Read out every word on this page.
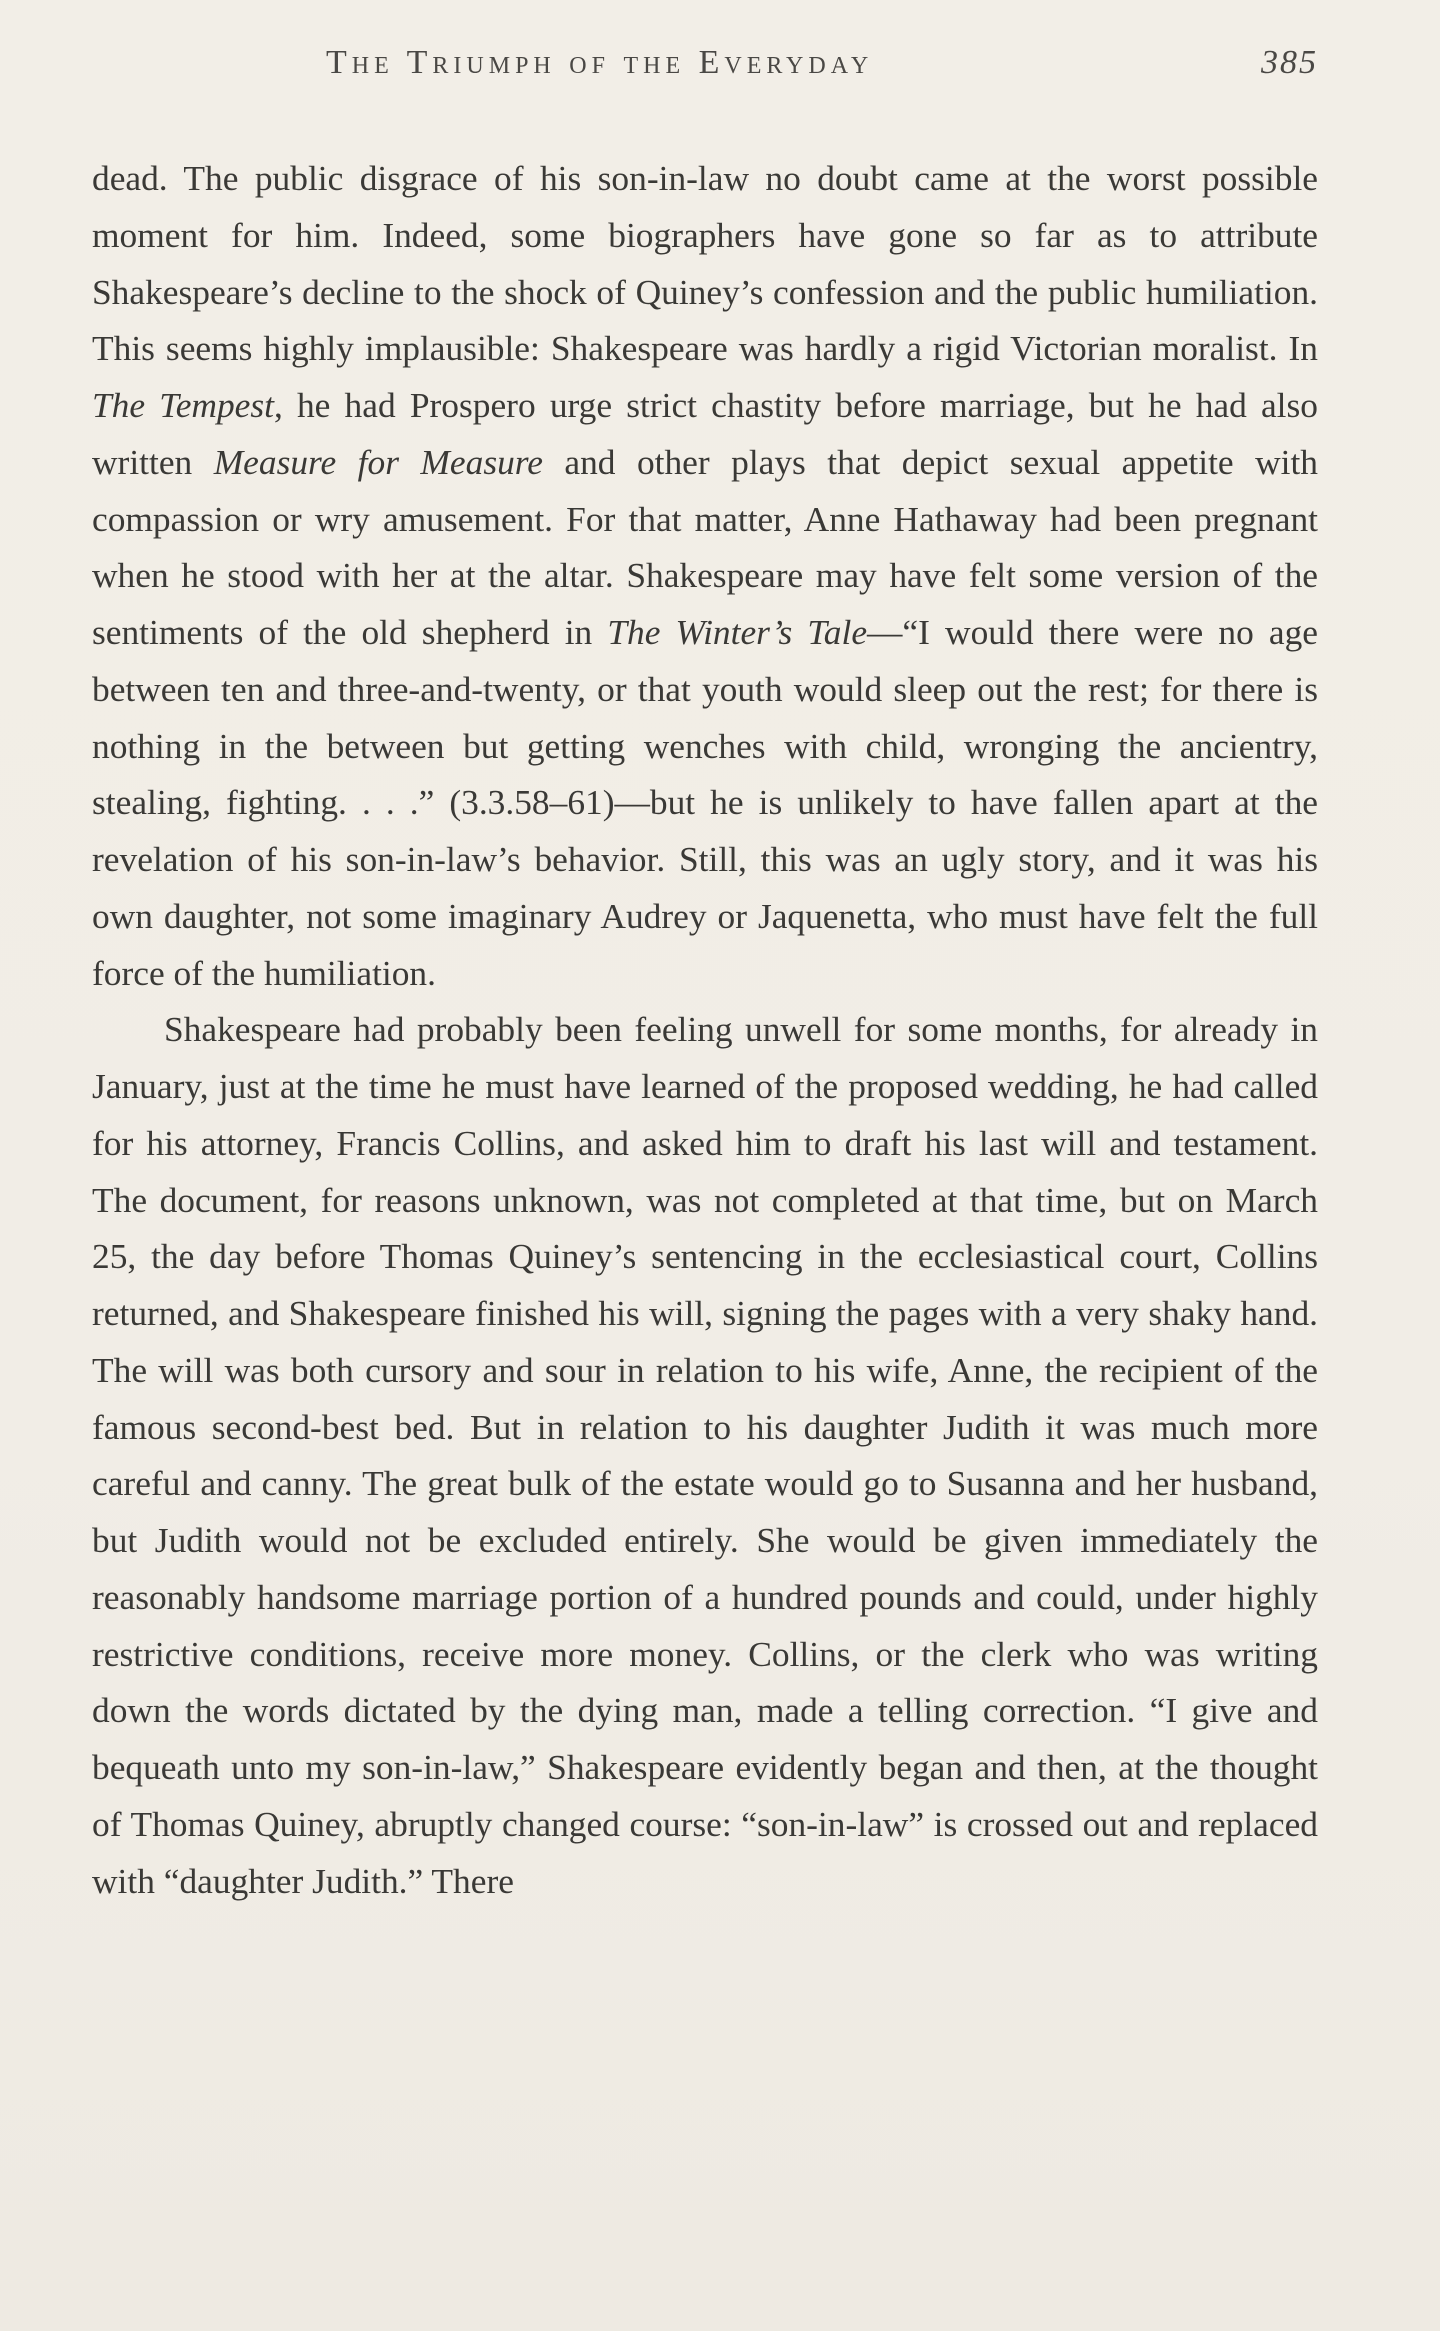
The Triumph of the Everyday	385

dead. The public disgrace of his son-in-law no doubt came at the worst possible moment for him. Indeed, some biographers have gone so far as to attribute Shakespeare’s decline to the shock of Quiney’s confession and the public humiliation. This seems highly implausible: Shakespeare was hardly a rigid Victorian moralist. In The Tempest, he had Prospero urge strict chastity before marriage, but he had also written Measure for Measure and other plays that depict sexual appetite with compassion or wry amusement. For that matter, Anne Hathaway had been pregnant when he stood with her at the altar. Shakespeare may have felt some version of the sentiments of the old shepherd in The Winter’s Tale—“I would there were no age between ten and three-and-twenty, or that youth would sleep out the rest; for there is nothing in the between but getting wenches with child, wronging the ancientry, stealing, fighting. . . .” (3.3.58–61)—but he is unlikely to have fallen apart at the revelation of his son-in-law’s behavior. Still, this was an ugly story, and it was his own daughter, not some imaginary Audrey or Jaquenetta, who must have felt the full force of the humiliation.

Shakespeare had probably been feeling unwell for some months, for already in January, just at the time he must have learned of the proposed wedding, he had called for his attorney, Francis Collins, and asked him to draft his last will and testament. The document, for reasons unknown, was not completed at that time, but on March 25, the day before Thomas Quiney’s sentencing in the ecclesiastical court, Collins returned, and Shakespeare finished his will, signing the pages with a very shaky hand. The will was both cursory and sour in relation to his wife, Anne, the recipient of the famous second-best bed. But in relation to his daughter Judith it was much more careful and canny. The great bulk of the estate would go to Susanna and her husband, but Judith would not be excluded entirely. She would be given immediately the reasonably handsome marriage portion of a hundred pounds and could, under highly restrictive conditions, receive more money. Collins, or the clerk who was writing down the words dictated by the dying man, made a telling correction. “I give and bequeath unto my son-in-law,” Shakespeare evidently began and then, at the thought of Thomas Quiney, abruptly changed course: “son-in-law” is crossed out and replaced with “daughter Judith.” There
